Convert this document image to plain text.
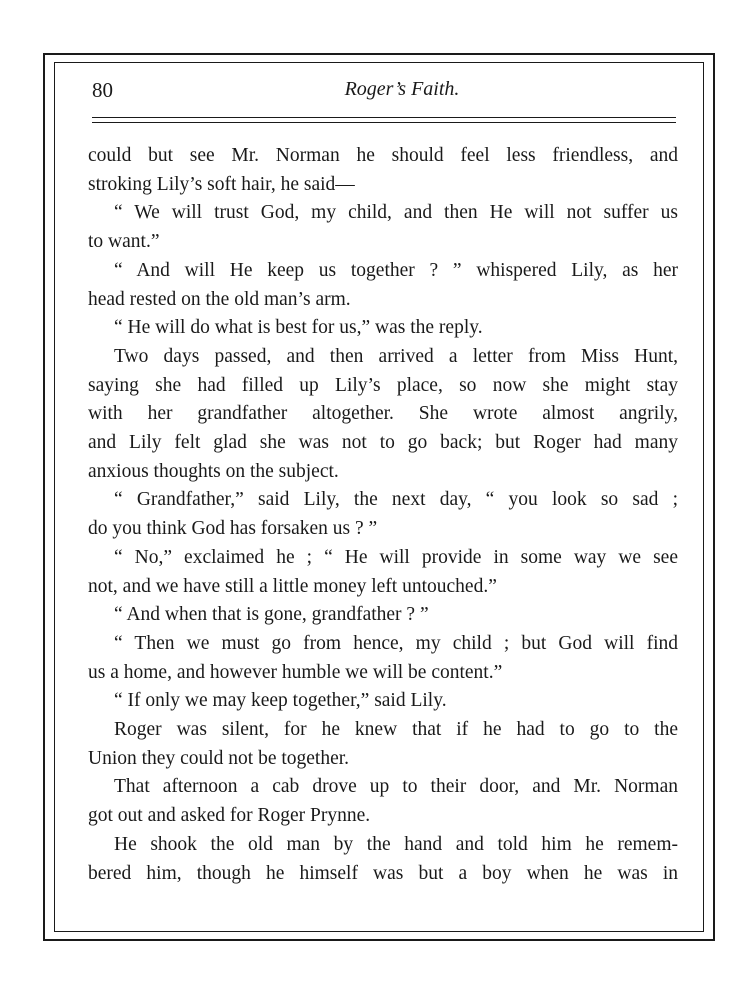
80	Roger’s Faith.
could but see Mr. Norman he should feel less friendless, and
stroking Lily’s soft hair, he said—
“ We will trust God, my child, and then He will not suffer us
to want.”
“ And will He keep us together ? ” whispered Lily, as her
head rested on the old man’s arm.
“ He will do what is best for us,” was the reply.
Two days passed, and then arrived a letter from Miss Hunt,
saying she had filled up Lily’s place, so now she might stay
with her grandfather altogether. She wrote almost angrily,
and Lily felt glad she was not to go back; but Roger had many
anxious thoughts on the subject.
“ Grandfather,” said Lily, the next day, “ you look so sad ;
do you think God has forsaken us ? ”
“ No,” exclaimed he ; “ He will provide in some way we see
not, and we have still a little money left untouched.”
“ And when that is gone, grandfather ? ”
“ Then we must go from hence, my child ; but God will find
us a home, and however humble we will be content.”
“ If only we may keep together,” said Lily.
Roger was silent, for he knew that if he had to go to the
Union they could not be together.
That afternoon a cab drove up to their door, and Mr. Norman
got out and asked for Roger Prynne.
He shook the old man by the hand and told him he remem-
bered him, though he himself was but a boy when he was in
